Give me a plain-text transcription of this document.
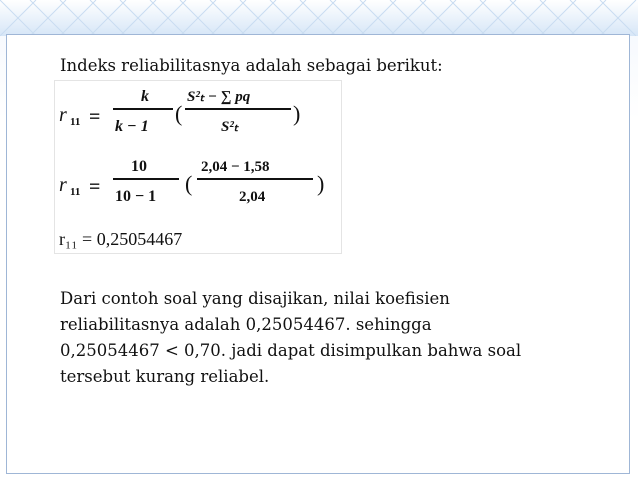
Indeks reliabilitasnya adalah sebagai berikut:
r 11 =
k
k − 1
(
S²ₜ − ∑ pq
S²ₜ
)
r 11 =
10
10 − 1
(
2,04 − 1,58
2,04
)
r₁₁ = 0,25054467
Dari contoh soal yang disajikan, nilai koefisien
reliabilitasnya adalah 0,25054467. sehingga
0,25054467 < 0,70. jadi dapat disimpulkan bahwa soal
tersebut kurang reliabel.
